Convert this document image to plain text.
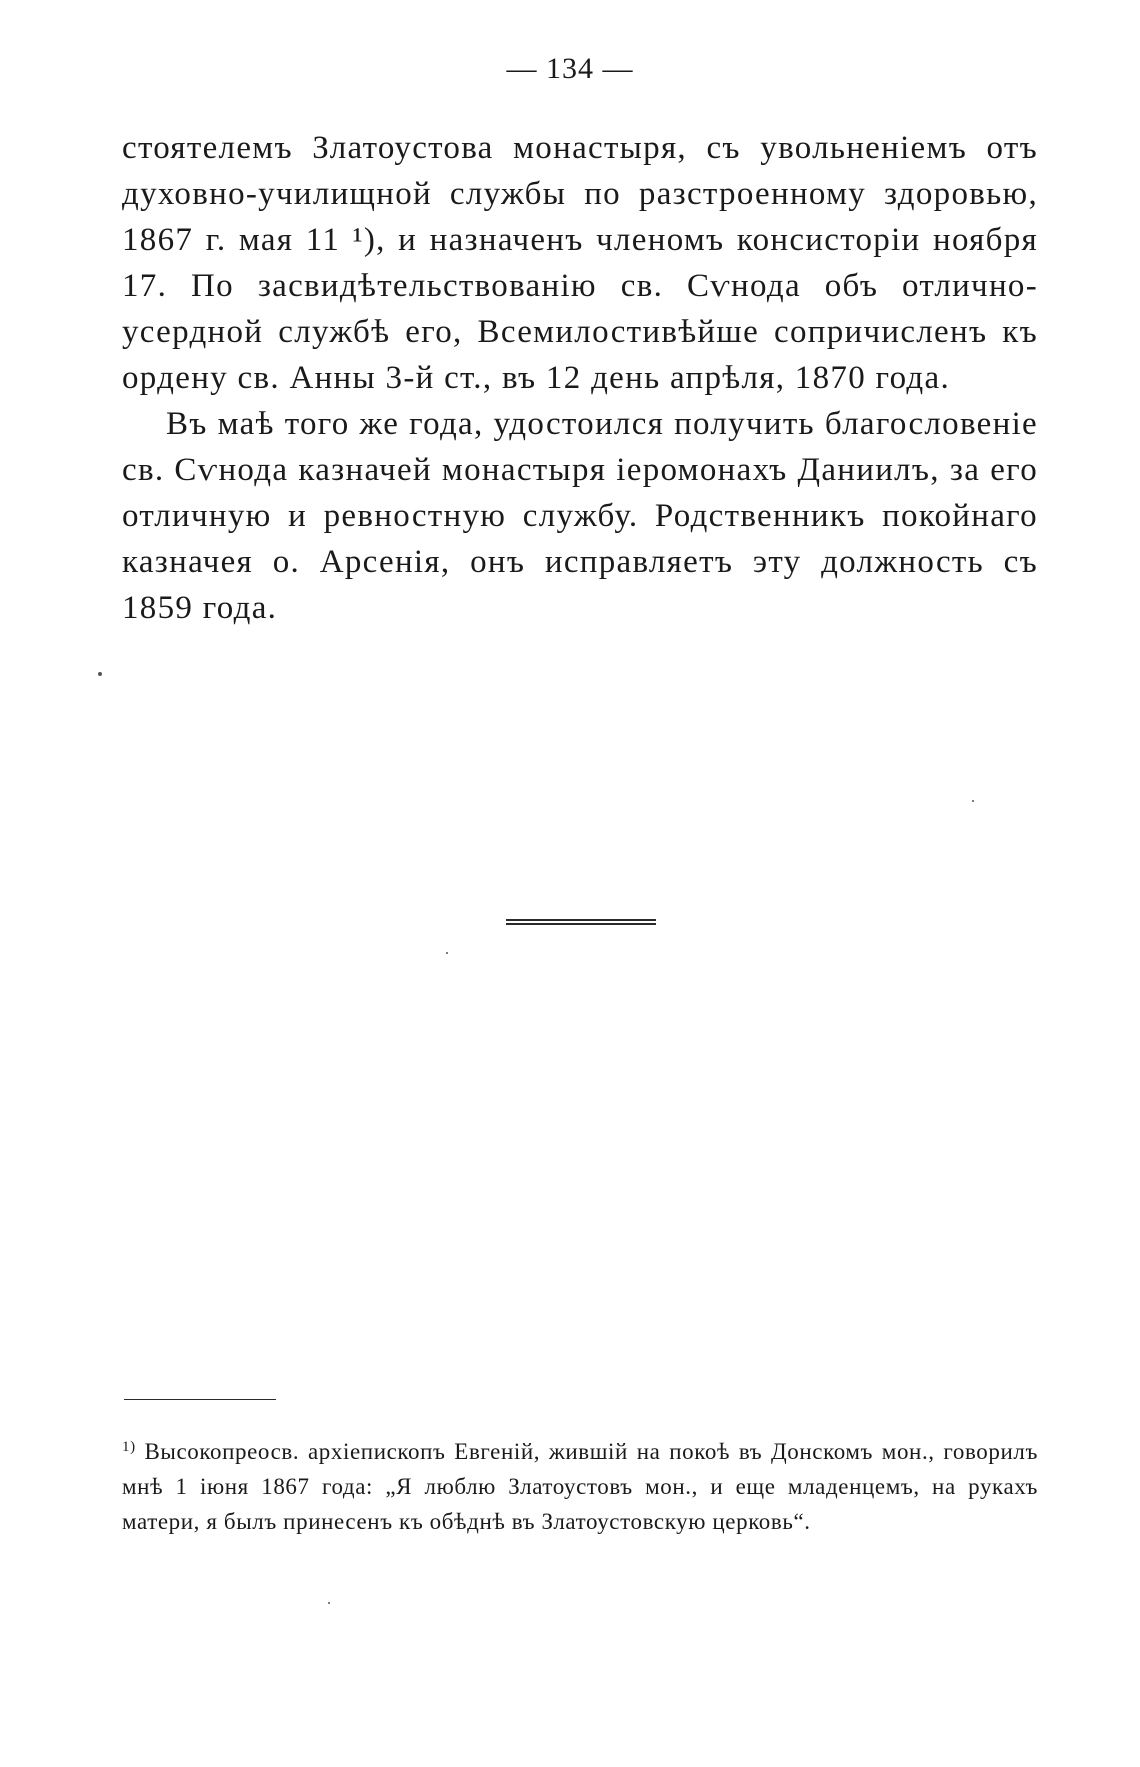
— 134 —

стоятелемъ Златоустова монастыря, съ увольненiемъ отъ духовно-училищной службы по разстроенному здоровью, 1867 г. мая 11 ¹), и назначенъ членомъ консисторiи ноября 17. По засвидѣтельствованiю св. Сѵнода объ отлично-усердной службѣ его, Всемилостивѣйше сопричисленъ къ ордену св. Анны 3-й ст., въ 12 день апрѣля, 1870 года.

Въ маѣ того же года, удостоился получить благословенiе св. Сѵнода казначей монастыря iеромонахъ Даниилъ, за его отличную и ревностную службу. Родственникъ покойнаго казначея о. Арсенiя, онъ исправляетъ эту должность съ 1859 года.

$^{1)}$ Высокопреосв. архiепископъ Евгенiй, жившiй на покоѣ въ Донскомъ мон., говорилъ мнѣ 1 iюня 1867 года: „Я люблю Златоустовъ мон., и еще младенцемъ, на рукахъ матери, я былъ принесенъ къ обѣднѣ въ Златоустовскую церковь“.
